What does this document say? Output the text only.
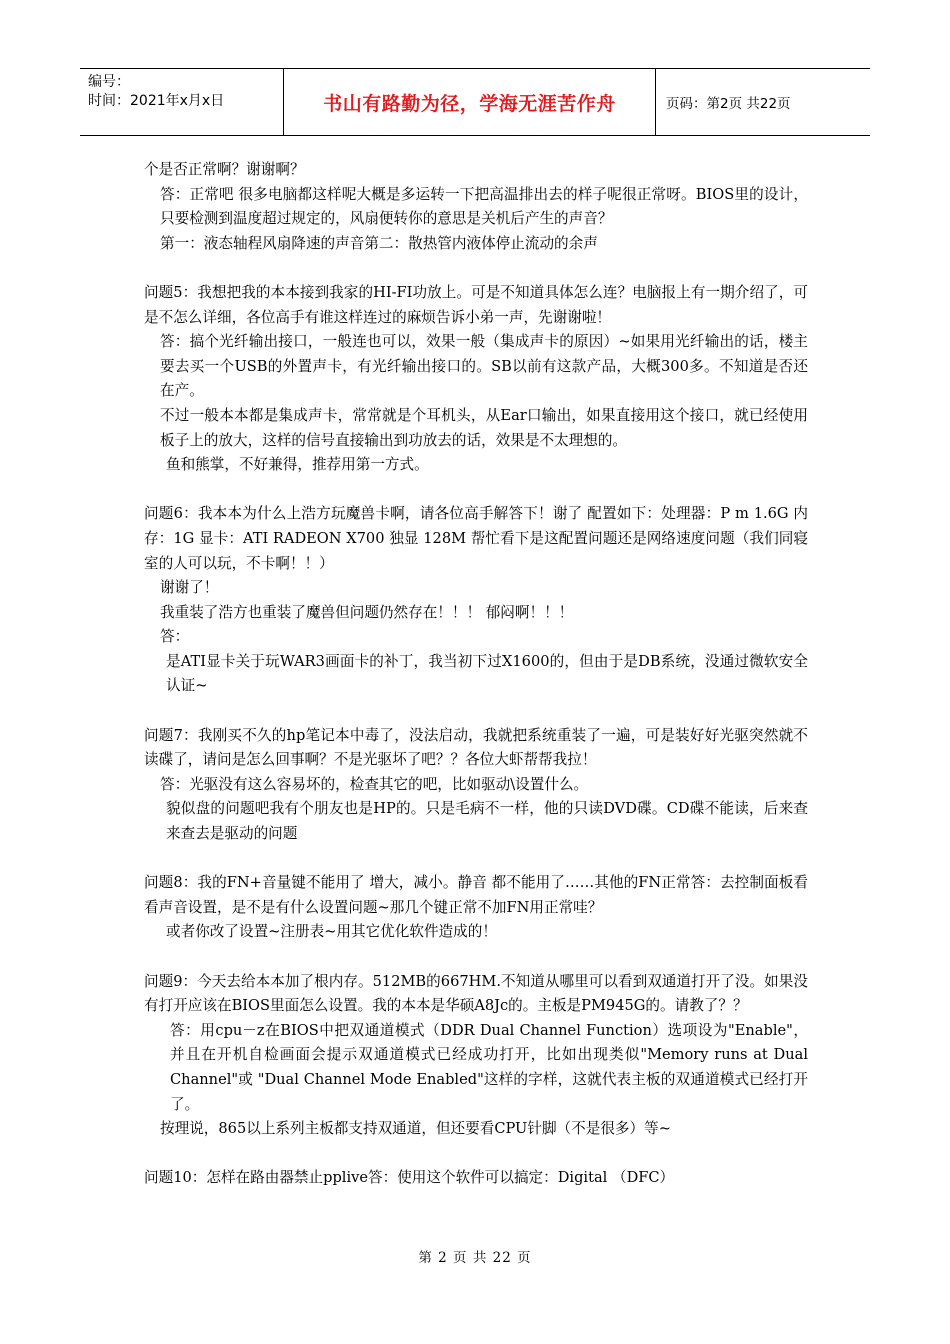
编号：
时间：2021年x月x日	书山有路勤为径，学海无涯苦作舟	页码：第2页 共22页

个是否正常啊？谢谢啊？

答：正常吧 很多电脑都这样呢大概是多运转一下把高温排出去的样子呢很正常呀。BIOS里的设计，只要检测到温度超过规定的，风扇便转你的意思是关机后产生的声音？

第一：液态轴程风扇降速的声音第二：散热管内液体停止流动的余声

问题5：我想把我的本本接到我家的HI-FI功放上。可是不知道具体怎么连？电脑报上有一期介绍了，可是不怎么详细，各位高手有谁这样连过的麻烦告诉小弟一声，先谢谢啦！

答：搞个光纤输出接口，一般连也可以，效果一般（集成声卡的原因）~如果用光纤输出的话，楼主要去买一个USB的外置声卡，有光纤输出接口的。SB以前有这款产品，大概300多。不知道是否还在产。

不过一般本本都是集成声卡，常常就是个耳机头，从Ear口输出，如果直接用这个接口，就已经使用板子上的放大，这样的信号直接输出到功放去的话，效果是不太理想的。

鱼和熊掌，不好兼得，推荐用第一方式。

问题6：我本本为什么上浩方玩魔兽卡啊，请各位高手解答下！谢了 配置如下：处理器：P m 1.6G 内存：1G 显卡：ATI RADEON X700 独显 128M 帮忙看下是这配置问题还是网络速度问题（我们同寝室的人可以玩，不卡啊！！）

谢谢了！

我重装了浩方也重装了魔兽但问题仍然存在！！！ 郁闷啊！！！

答：

是ATI显卡关于玩WAR3画面卡的补丁，我当初下过X1600的，但由于是DB系统，没通过微软安全认证~

问题7：我刚买不久的hp笔记本中毒了，没法启动，我就把系统重装了一遍，可是装好好光驱突然就不读碟了，请问是怎么回事啊？不是光驱坏了吧？？各位大虾帮帮我拉！

答：光驱没有这么容易坏的，检查其它的吧，比如驱动\设置什么。

貌似盘的问题吧我有个朋友也是HP的。只是毛病不一样，他的只读DVD碟。CD碟不能读，后来查来查去是驱动的问题

问题8：我的FN+音量键不能用了 增大，减小。静音 都不能用了……其他的FN正常答：去控制面板看看声音设置，是不是有什么设置问题~那几个键正常不加FN用正常哇？

或者你改了设置~注册表~用其它优化软件造成的！

问题9：今天去给本本加了根内存。512MB的667HM.不知道从哪里可以看到双通道打开了没。如果没有打开应该在BIOS里面怎么设置。我的本本是华硕A8Jc的。主板是PM945G的。请教了？？

答：用cpu－z在BIOS中把双通道模式（DDR Dual Channel Function）选项设为"Enable"，并且在开机自检画面会提示双通道模式已经成功打开，比如出现类似"Memory runs at Dual Channel"或 "Dual Channel Mode Enabled"这样的字样，这就代表主板的双通道模式已经打开了。

按理说，865以上系列主板都支持双通道，但还要看CPU针脚（不是很多）等~

问题10：怎样在路由器禁止pplive答：使用这个软件可以搞定：Digital （DFC）

第 2 页 共 22 页
